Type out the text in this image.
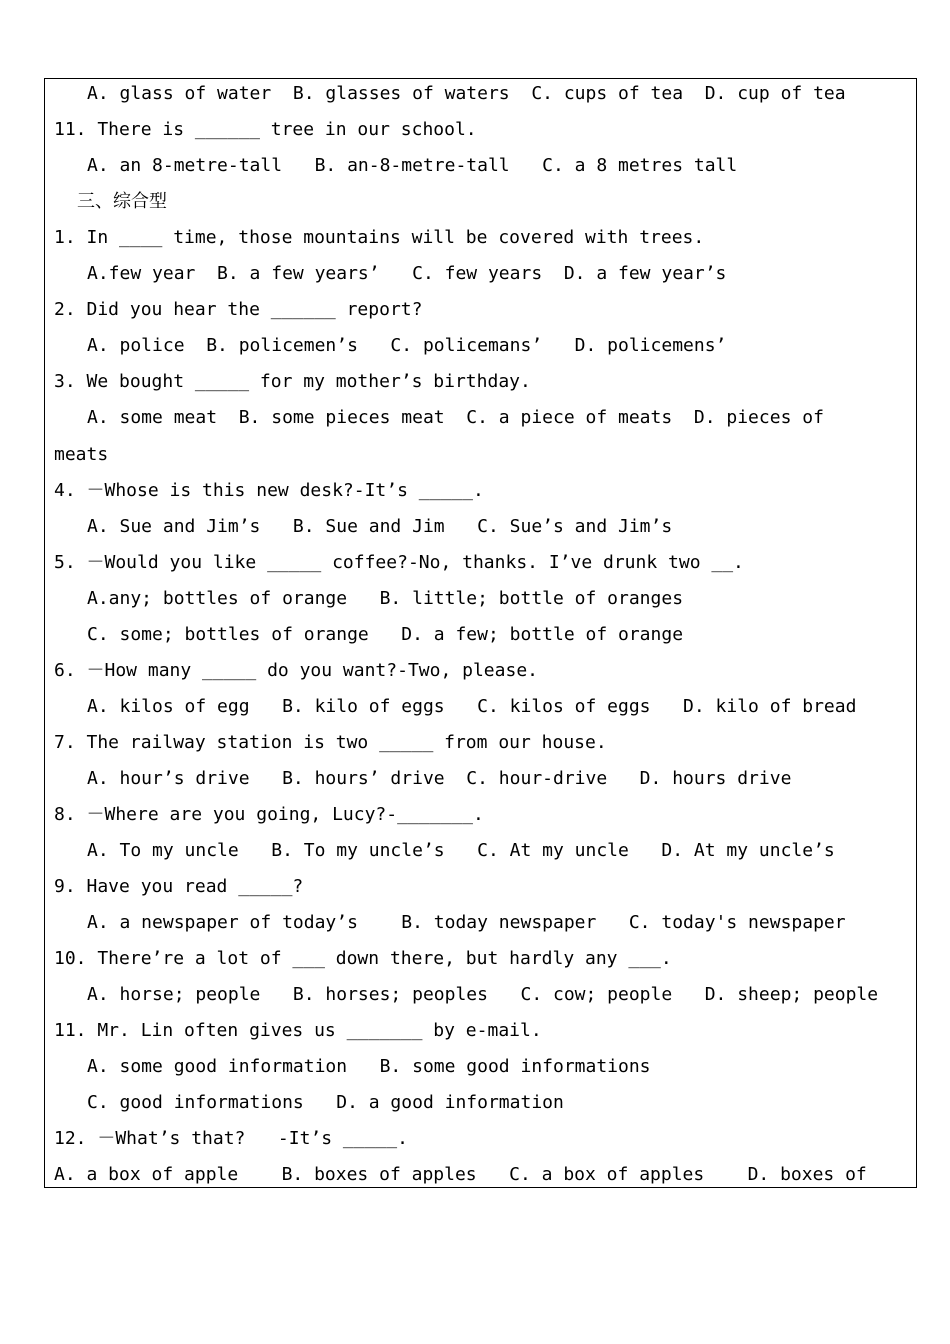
A. glass of water  B. glasses of waters  C. cups of tea  D. cup of tea
11. There is ______ tree in our school.
A. an 8-metre-tall   B. an-8-metre-tall   C. a 8 metres tall
三、综合型
1. In ____ time, those mountains will be covered with trees.
A.few year  B. a few years’   C. few years  D. a few year’s
2. Did you hear the ______ report?
A. police  B. policemen’s   C. policemans’   D. policemens’
3. We bought _____ for my mother’s birthday.
A. some meat  B. some pieces meat  C. a piece of meats  D. pieces of
meats
4. －Whose is this new desk?-It’s _____.
A. Sue and Jim’s   B. Sue and Jim   C. Sue’s and Jim’s
5. －Would you like _____ coffee?-No, thanks. I’ve drunk two __.
A.any; bottles of orange   B. little; bottle of oranges
C. some; bottles of orange   D. a few; bottle of orange
6. －How many _____ do you want?-Two, please.
A. kilos of egg   B. kilo of eggs   C. kilos of eggs   D. kilo of bread
7. The railway station is two _____ from our house.
A. hour’s drive   B. hours’ drive  C. hour-drive   D. hours drive
8. －Where are you going, Lucy?-_______.
A. To my uncle   B. To my uncle’s   C. At my uncle   D. At my uncle’s
9. Have you read _____?
A. a newspaper of today’s    B. today newspaper   C. today's newspaper
10. There’re a lot of ___ down there, but hardly any ___.
A. horse; people   B. horses; peoples   C. cow; people   D. sheep; people
11. Mr. Lin often gives us _______ by e-mail.
A. some good information   B. some good informations
C. good informations   D. a good information
12. －What’s that?   -It’s _____.
A. a box of apple    B. boxes of apples   C. a box of apples    D. boxes of
